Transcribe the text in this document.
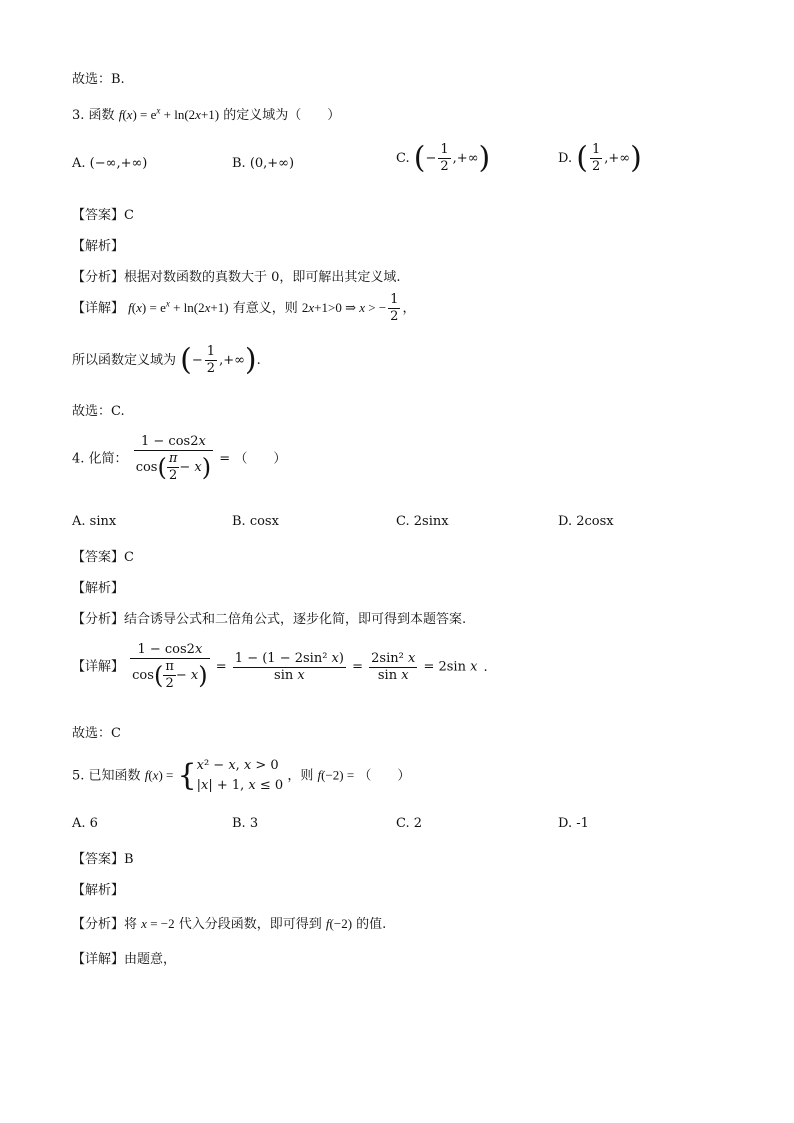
故选：B.
3. 函数 $f(x) = e^x + \ln(2x+1)$ 的定义域为（　　）
A. (−∞,+∞)	B. (0,+∞)	C. (− $\frac{1}{2}$ ,+∞)	D. ( $\frac{1}{2}$ ,+∞)
【答案】C
【解析】
【分析】根据对数函数的真数大于 0，即可解出其定义域.
【详解】 $f(x) = e^x + \ln(2x+1)$ 有意义，则 2x+1>0 ⇒ x > − $\frac{1}{2}$ ，
所以函数定义域为 (− $\frac{1}{2}$ ,+∞).
故选：C.
4. 化简： $\frac{1 - \cos 2x}{\cos( \frac{\pi}{2} - x)}$ = （　　）
A. sinx	B. cosx	C. 2sinx	D. 2cosx
【答案】C
【解析】
【分析】结合诱导公式和二倍角公式，逐步化简，即可得到本题答案.
【详解】 $\frac{1 - \cos 2x}{\cos( \frac{\pi}{2} - x)} = \frac{\text{1 − (1 − 2sin² x)}}{\text{sin x}} = \frac{\text{2sin² x}}{\text{sin x}} = 2\sin$ x .
故选：C
5. 已知函数 f(x) = { x² − x, x > 0
|x| + 1, x ≤ 0
，则 f(−2) = （　　）
A. 6	B. 3	C. 2	D. -1
【答案】B
【解析】
【分析】将 x = −2 代入分段函数，即可得到 f(−2) 的值.
【详解】由题意，
